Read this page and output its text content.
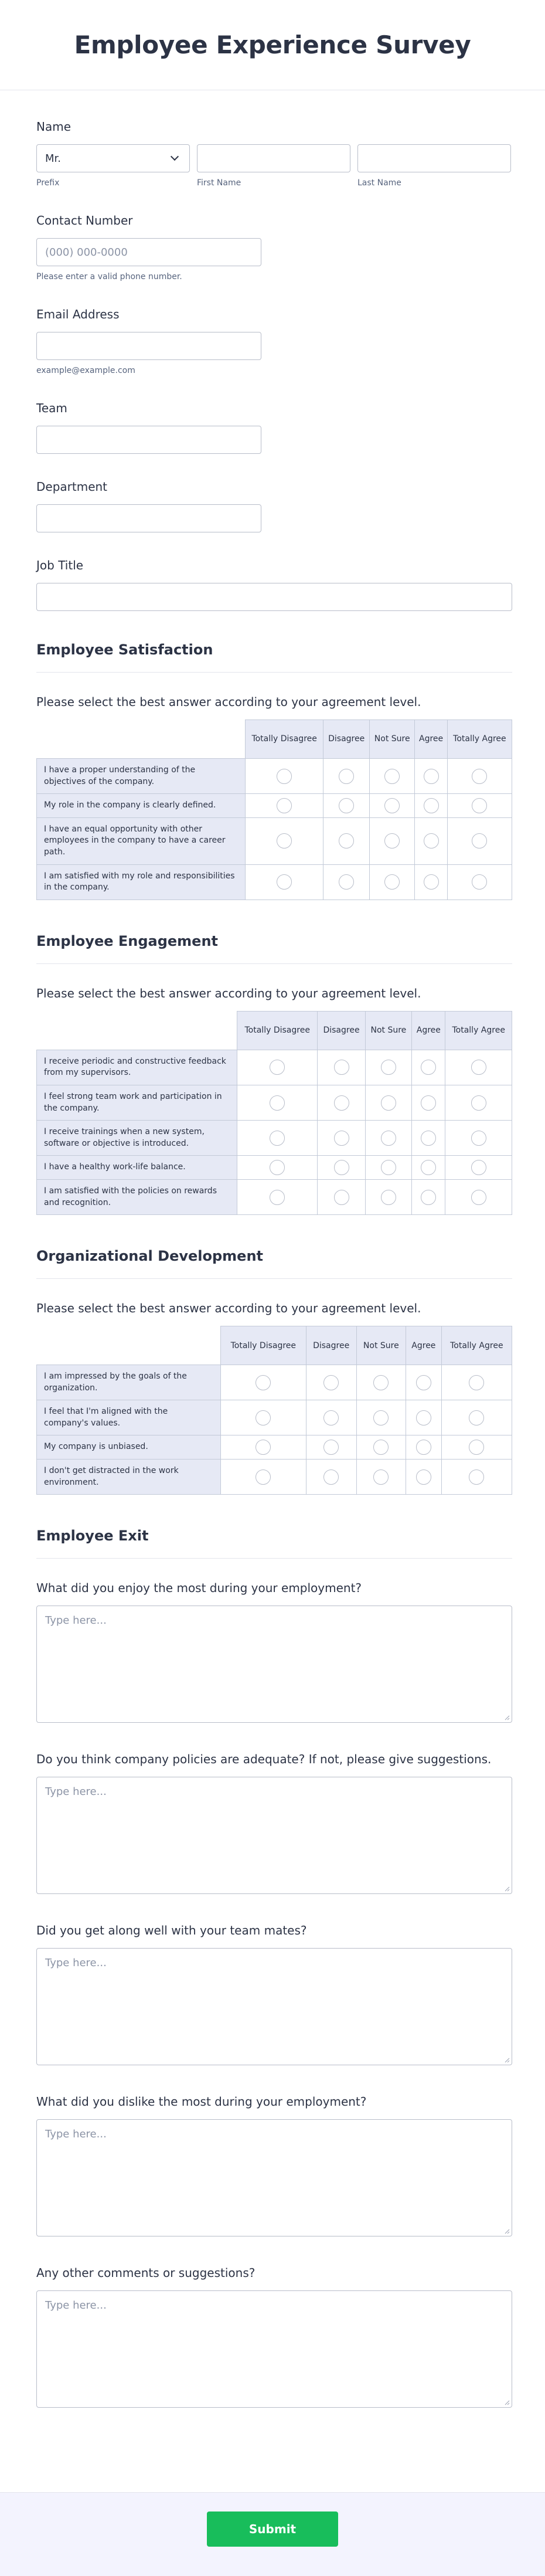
Employee Experience Survey
Name
Mr.
Prefix	First Name	Last Name
Contact Number
(000) 000-0000
Please enter a valid phone number.
Email Address
example@example.com
Team
Department
Job Title
Employee Satisfaction
Please select the best answer according to your agreement level.
	Totally Disagree	Disagree	Not Sure	Agree	Totally Agree
I have a proper understanding of the objectives of the company.					
My role in the company is clearly defined.					
I have an equal opportunity with other employees in the company to have a career path.					
I am satisfied with my role and responsibilities in the company.					
Employee Engagement
Please select the best answer according to your agreement level.
	Totally Disagree	Disagree	Not Sure	Agree	Totally Agree
I receive periodic and constructive feedback from my supervisors.					
I feel strong team work and participation in the company.					
I receive trainings when a new system, software or objective is introduced.					
I have a healthy work-life balance.					
I am satisfied with the policies on rewards and recognition.					
Organizational Development
Please select the best answer according to your agreement level.
	Totally Disagree	Disagree	Not Sure	Agree	Totally Agree
I am impressed by the goals of the organization.					
I feel that I'm aligned with the company's values.					
My company is unbiased.					
I don't get distracted in the work environment.					
Employee Exit
What did you enjoy the most during your employment?
Type here...
Do you think company policies are adequate? If not, please give suggestions.
Type here...
Did you get along well with your team mates?
Type here...
What did you dislike the most during your employment?
Type here...
Any other comments or suggestions?
Type here...
Submit
